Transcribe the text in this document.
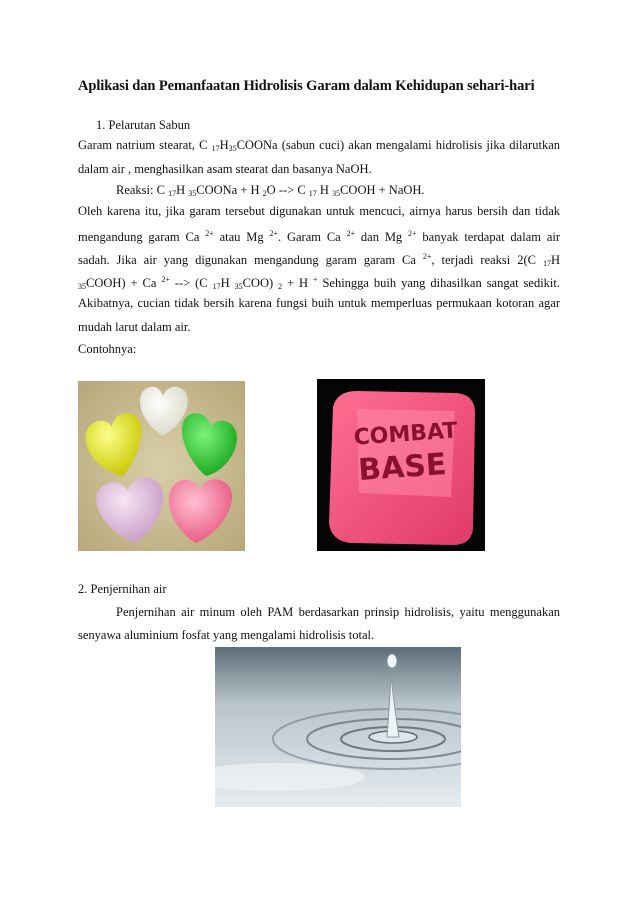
Aplikasi dan Pemanfaatan Hidrolisis Garam dalam Kehidupan sehari-hari
1. Pelarutan Sabun
Garam natrium stearat, C $_{17}H_{35}COONa$ (sabun cuci) akan mengalami hidrolisis jika dilarutkan
dalam air , menghasilkan asam stearat dan basanya NaOH.
Reaksi: C $_{17}$H $_{35}$COONa + H $_2$O --> C $_{17}$ H $_{35}$COOH + NaOH.
Oleh karena itu, jika garam tersebut digunakan untuk mencuci, airnya harus bersih dan tidak
mengandung garam Ca $^{2+}$ atau Mg $^{2+}$. Garam Ca $^{2+}$ dan Mg $^{2+}$ banyak terdapat dalam air
sadah. Jika air yang digunakan mengandung garam garam Ca $^{2+}$, terjadi reaksi 2(C $_{17}$H
$_{35}$COOH) + Ca $^{2+}$ --> (C $_{17}$H $_{35}$COO) $_2$ + H + Sehingga buih yang dihasilkan sangat sedikit.
Akibatnya, cucian tidak bersih karena fungsi buih untuk memperluas permukaan kotoran agar
mudah larut dalam air.
Contohnya:
COMBAT
BASE
2. Penjernihan air
Penjernihan air minum oleh PAM berdasarkan prinsip hidrolisis, yaitu menggunakan
senyawa aluminium fosfat yang mengalami hidrolisis total.
